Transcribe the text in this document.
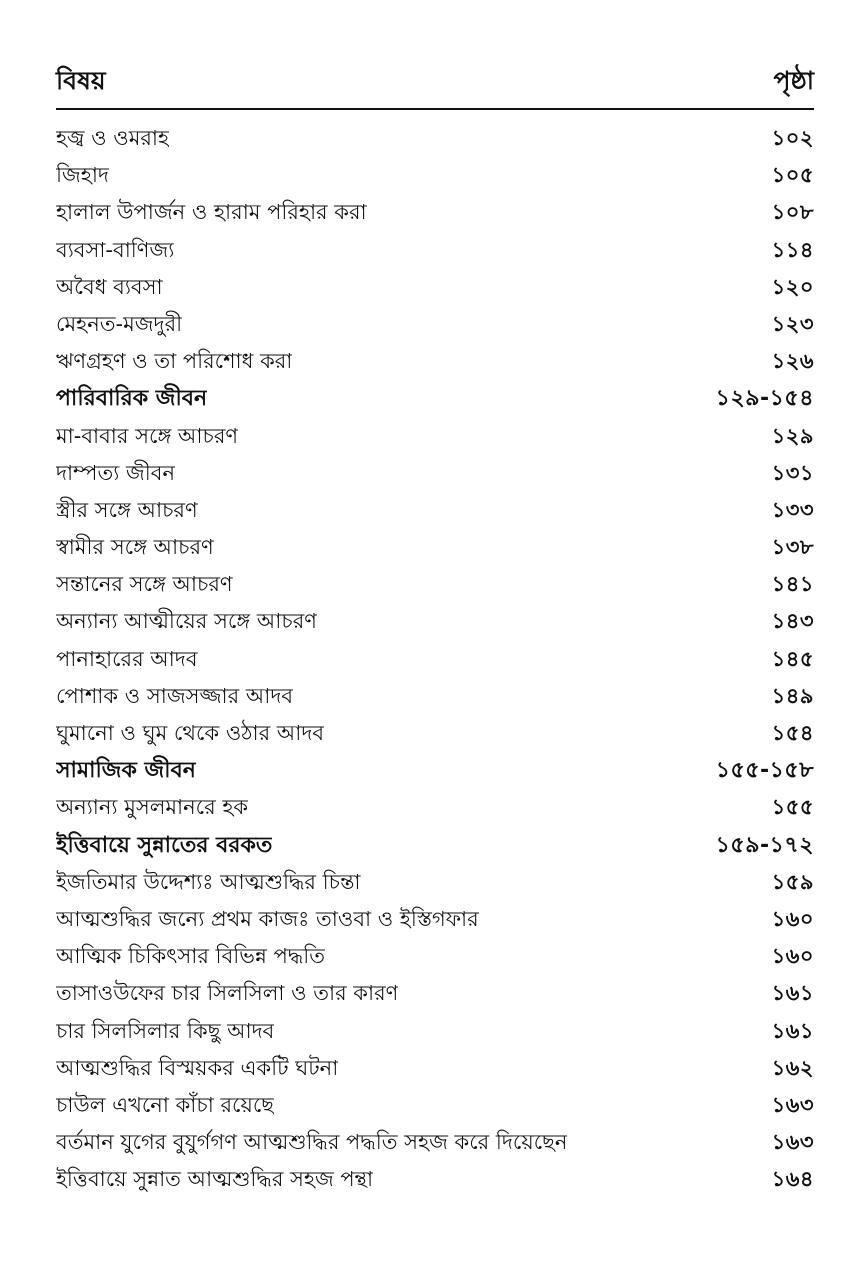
বিষয়	পৃষ্ঠা
হজ্ব ও ওমরাহ	১০২
জিহাদ	১০৫
হালাল উপার্জন ও হারাম পরিহার করা	১০৮
ব্যবসা-বাণিজ্য	১১৪
অবৈধ ব্যবসা	১২০
মেহনত-মজদুরী	১২৩
ঋণগ্রহণ ও তা পরিশোধ করা	১২৬
পারিবারিক জীবন	১২৯-১৫৪
মা-বাবার সঙ্গে আচরণ	১২৯
দাম্পত্য জীবন	১৩১
স্ত্রীর সঙ্গে আচরণ	১৩৩
স্বামীর সঙ্গে আচরণ	১৩৮
সন্তানের সঙ্গে আচরণ	১৪১
অন্যান্য আত্মীয়ের সঙ্গে আচরণ	১৪৩
পানাহারের আদব	১৪৫
পোশাক ও সাজসজ্জার আদব	১৪৯
ঘুমানো ও ঘুম থেকে ওঠার আদব	১৫৪
সামাজিক জীবন	১৫৫-১৫৮
অন্যান্য মুসলমানরে হক	১৫৫
ইত্তিবায়ে সুন্নাতের বরকত	১৫৯-১৭২
ইজতিমার উদ্দেশ্যঃ আত্মশুদ্ধির চিন্তা	১৫৯
আত্মশুদ্ধির জন্যে প্রথম কাজঃ তাওবা ও ইস্তিগফার	১৬০
আত্মিক চিকিৎসার বিভিন্ন পদ্ধতি	১৬০
তাসাওউফের চার সিলসিলা ও তার কারণ	১৬১
চার সিলসিলার কিছু আদব	১৬১
আত্মশুদ্ধির বিস্ময়কর একটি ঘটনা	১৬২
চাউল এখনো কাঁচা রয়েছে	১৬৩
বর্তমান যুগের বুযুর্গগণ আত্মশুদ্ধির পদ্ধতি সহজ করে দিয়েছেন	১৬৩
ইত্তিবায়ে সুন্নাত আত্মশুদ্ধির সহজ পন্থা	১৬৪
